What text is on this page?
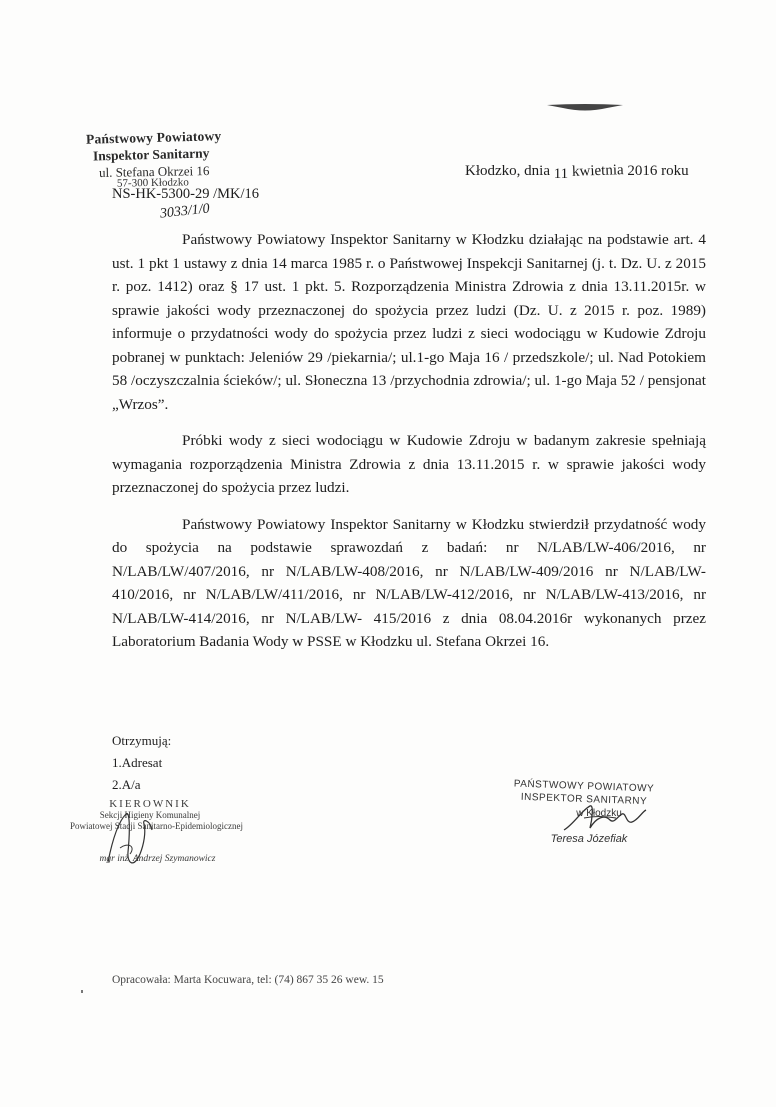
Państwowy Powiatowy
Inspektor Sanitarny
ul. Stefana Okrzei 16
57-300 Kłodzko
NS-HK-5300-29 /MK/16
3033/1/0
Kłodzko, dnia 11 kwietnia 2016 roku

Państwowy Powiatowy Inspektor Sanitarny w Kłodzku działając na podstawie art. 4 ust. 1 pkt 1 ustawy z dnia 14 marca 1985 r. o Państwowej Inspekcji Sanitarnej (j. t. Dz. U. z 2015 r. poz. 1412) oraz § 17 ust. 1 pkt. 5. Rozporządzenia Ministra Zdrowia z dnia 13.11.2015r. w sprawie jakości wody przeznaczonej do spożycia przez ludzi (Dz. U. z 2015 r. poz. 1989) informuje o przydatności wody do spożycia przez ludzi z sieci wodociągu w Kudowie Zdroju pobranej w punktach: Jeleniów 29 /piekarnia/; ul.1-go Maja 16 / przedszkole/; ul. Nad Potokiem 58 /oczyszczalnia ścieków/; ul. Słoneczna 13 /przychodnia zdrowia/; ul. 1-go Maja 52 / pensjonat „Wrzos”.

Próbki wody z sieci wodociągu w Kudowie Zdroju w badanym zakresie spełniają wymagania rozporządzenia Ministra Zdrowia z dnia 13.11.2015 r. w sprawie jakości wody przeznaczonej do spożycia przez ludzi.

Państwowy Powiatowy Inspektor Sanitarny w Kłodzku stwierdził przydatność wody do spożycia na podstawie sprawozdań z badań: nr N/LAB/LW-406/2016, nr N/LAB/LW/407/2016, nr N/LAB/LW-408/2016, nr N/LAB/LW-409/2016 nr N/LAB/LW-410/2016, nr N/LAB/LW/411/2016, nr N/LAB/LW-412/2016, nr N/LAB/LW-413/2016, nr N/LAB/LW-414/2016, nr N/LAB/LW- 415/2016 z dnia 08.04.2016r wykonanych przez Laboratorium Badania Wody w PSSE w Kłodzku ul. Stefana Okrzei 16.

Otrzymują:
1.Adresat
2.A/a
KIEROWNIK
Sekcji Higieny Komunalnej
Powiatowej Stacji Sanitarno-Epidemiologicznej
mgr inż. Andrzej Szymanowicz
PAŃSTWOWY POWIATOWY
INSPEKTOR SANITARNY
w Kłodzku
Teresa Józefiak
Opracowała: Marta Kocuwara, tel: (74) 867 35 26 wew. 15
